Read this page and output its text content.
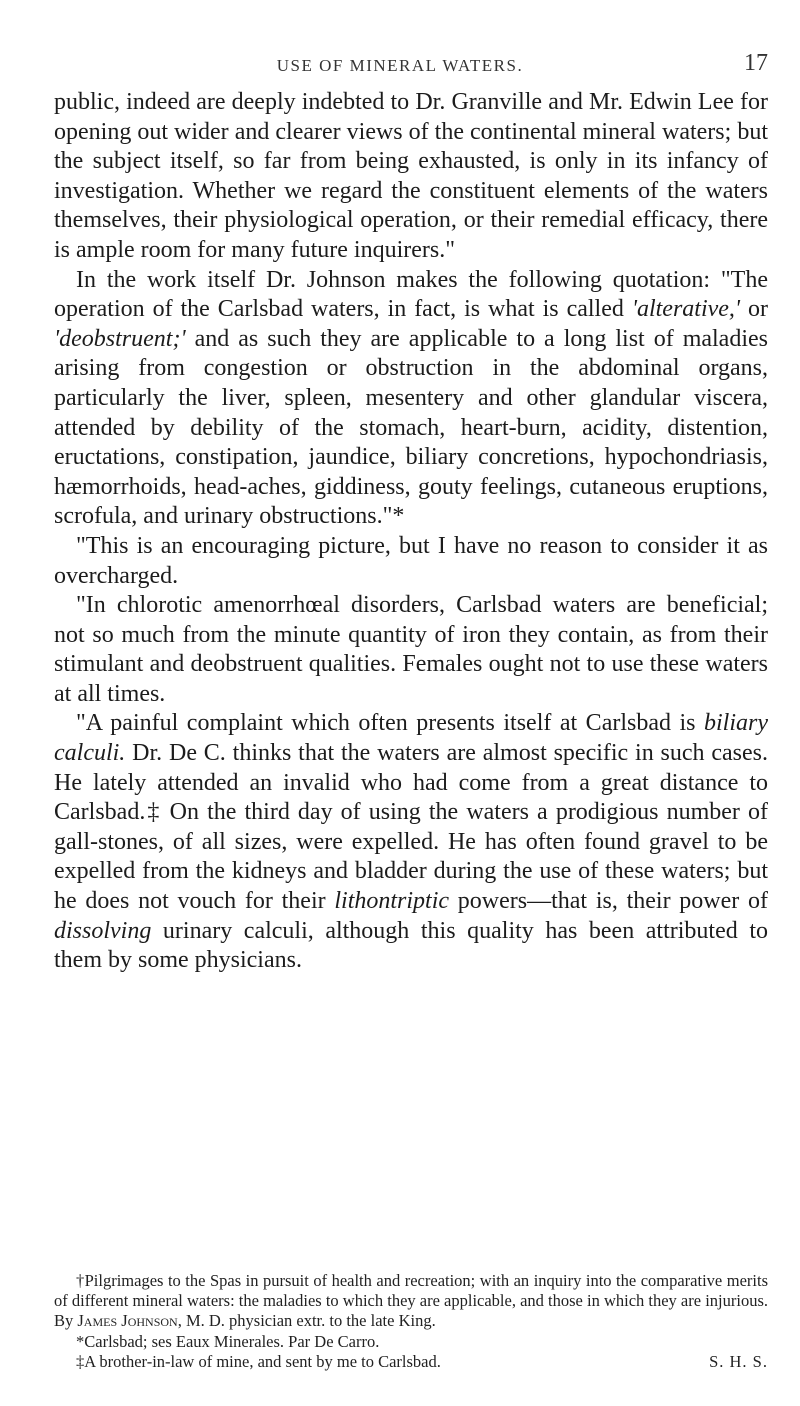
USE OF MINERAL WATERS.	17

public, indeed are deeply indebted to Dr. Granville and Mr. Edwin Lee for opening out wider and clearer views of the continental mineral waters; but the subject itself, so far from being exhausted, is only in its infancy of investigation. Whether we regard the constituent elements of the waters themselves, their physiological operation, or their remedial efficacy, there is ample room for many future inquirers."

In the work itself Dr. Johnson makes the following quotation: "The operation of the Carlsbad waters, in fact, is what is called 'alterative,' or 'deobstruent;' and as such they are applicable to a long list of maladies arising from congestion or obstruction in the abdominal organs, particularly the liver, spleen, mesentery and other glandular viscera, attended by debility of the stomach, heart-burn, acidity, distention, eructations, constipation, jaundice, biliary concretions, hypochondriasis, hæmorrhoids, head-aches, giddiness, gouty feelings, cutaneous eruptions, scrofula, and urinary obstructions."*

"This is an encouraging picture, but I have no reason to consider it as overcharged.

"In chlorotic amenorrhœal disorders, Carlsbad waters are beneficial; not so much from the minute quantity of iron they contain, as from their stimulant and deobstruent qualities. Females ought not to use these waters at all times.

"A painful complaint which often presents itself at Carlsbad is biliary calculi. Dr. De C. thinks that the waters are almost specific in such cases. He lately attended an invalid who had come from a great distance to Carlsbad.‡ On the third day of using the waters a prodigious number of gall-stones, of all sizes, were expelled. He has often found gravel to be expelled from the kidneys and bladder during the use of these waters; but he does not vouch for their lithontriptic powers—that is, their power of dissolving urinary calculi, although this quality has been attributed to them by some physicians.

†Pilgrimages to the Spas in pursuit of health and recreation; with an inquiry into the comparative merits of different mineral waters: the maladies to which they are applicable, and those in which they are injurious. By James Johnson, M. D. physician extr. to the late King.

*Carlsbad; ses Eaux Minerales. Par De Carro.

‡A brother-in-law of mine, and sent by me to Carlsbad.	S. H. S.
